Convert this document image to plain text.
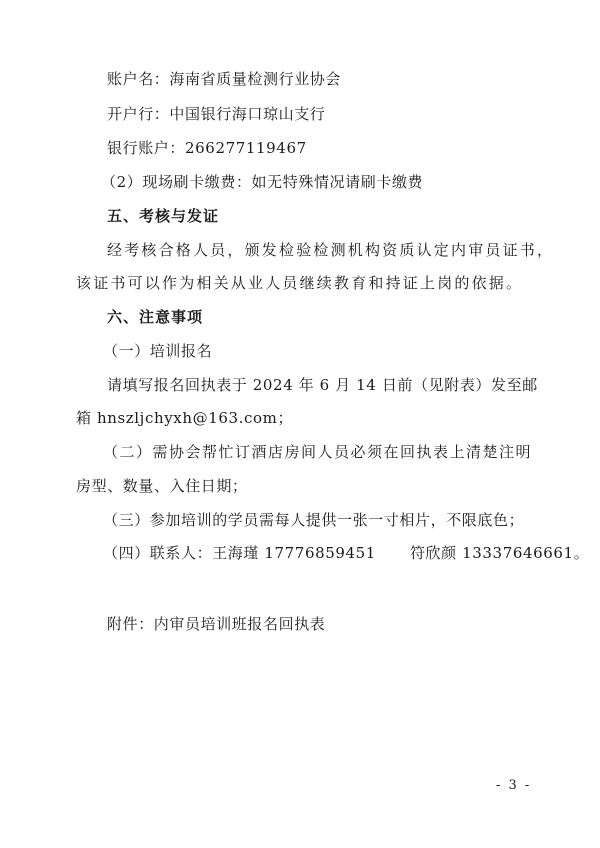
账户名：海南省质量检测行业协会
开户行：中国银行海口琼山支行
银行账户：266277119467
（2）现场刷卡缴费：如无特殊情况请刷卡缴费
五、考核与发证
经考核合格人员，颁发检验检测机构资质认定内审员证书，
该证书可以作为相关从业人员继续教育和持证上岗的依据。
六、注意事项
（一）培训报名
请填写报名回执表于 2024 年 6 月 14 日前（见附表）发至邮
箱 hnszljchyxh@163.com；
（二）需协会帮忙订酒店房间人员必须在回执表上清楚注明
房型、数量、入住日期；
（三）参加培训的学员需每人提供一张一寸相片，不限底色；
（四）联系人：王海瑾 17776859451 符欣颜 13337646661。
附件：内审员培训班报名回执表
- 3 -
